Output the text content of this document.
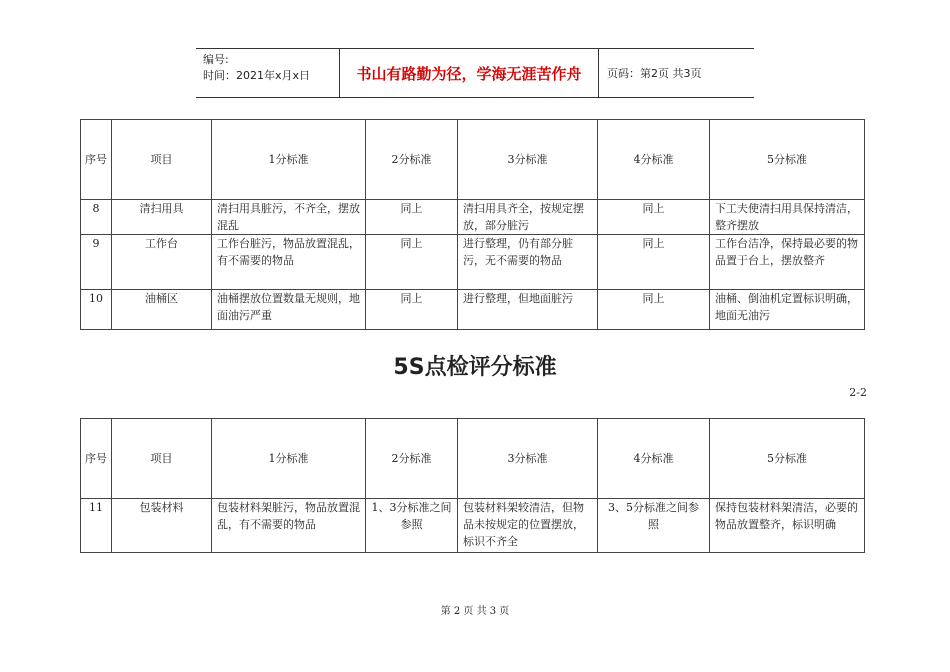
编号:
时间：2021年x月x日	书山有路勤为径，学海无涯苦作舟	页码：第2页 共3页
序号	项目	1分标准	2分标准	3分标准	4分标准	5分标准
8	清扫用具	清扫用具脏污，不齐全，摆放混乱	同上	清扫用具齐全，按规定摆放，部分脏污	同上	下工夫使清扫用具保持清洁，整齐摆放
9	工作台	工作台脏污，物品放置混乱，有不需要的物品	同上	进行整理，仍有部分脏污，无不需要的物品	同上	工作台洁净，保持最必要的物品置于台上，摆放整齐
10	油桶区	油桶摆放位置数量无规则，地面油污严重	同上	进行整理，但地面脏污	同上	油桶、倒油机定置标识明确，地面无油污
5S点检评分标准
2-2
序号	项目	1分标准	2分标准	3分标准	4分标准	5分标准
11	包装材料	包装材料架脏污，物品放置混乱，有不需要的物品	1、3分标准之间参照	包装材料架较清洁，但物品未按规定的位置摆放，标识不齐全	3、5分标准之间参照	保持包装材料架清洁，必要的物品放置整齐，标识明确
第 2 页 共 3 页
